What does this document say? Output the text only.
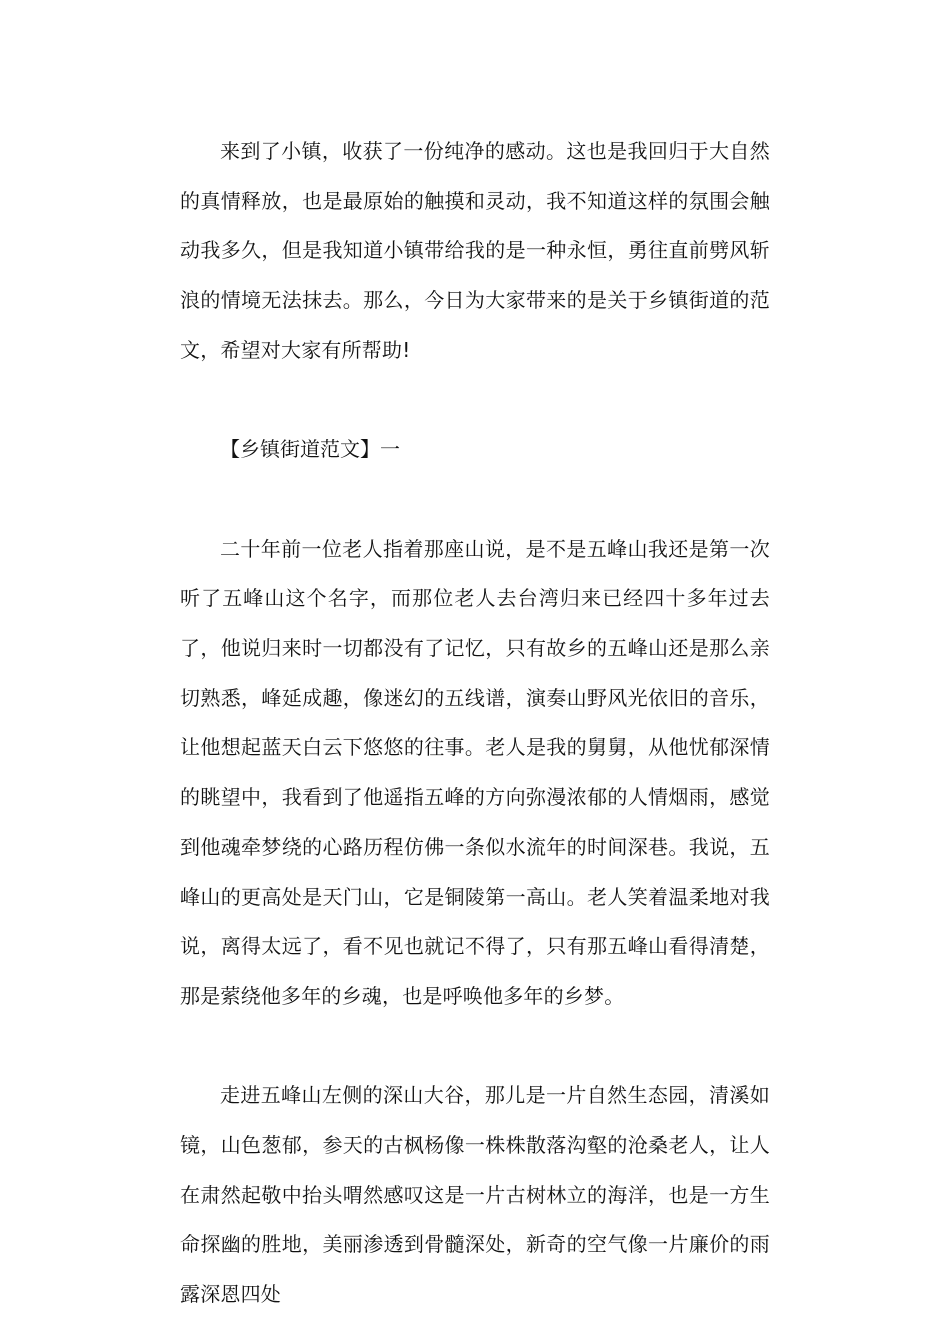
来到了小镇，收获了一份纯净的感动。这也是我回归于大自然的真情释放，也是最原始的触摸和灵动，我不知道这样的氛围会触动我多久，但是我知道小镇带给我的是一种永恒，勇往直前劈风斩浪的情境无法抹去。那么，今日为大家带来的是关于乡镇街道的范文，希望对大家有所帮助!

【乡镇街道范文】一

二十年前一位老人指着那座山说，是不是五峰山我还是第一次听了五峰山这个名字，而那位老人去台湾归来已经四十多年过去了，他说归来时一切都没有了记忆，只有故乡的五峰山还是那么亲切熟悉，峰延成趣，像迷幻的五线谱，演奏山野风光依旧的音乐，让他想起蓝天白云下悠悠的往事。老人是我的舅舅，从他忧郁深情的眺望中，我看到了他遥指五峰的方向弥漫浓郁的人情烟雨，感觉到他魂牵梦绕的心路历程仿佛一条似水流年的时间深巷。我说，五峰山的更高处是天门山，它是铜陵第一高山。老人笑着温柔地对我说，离得太远了，看不见也就记不得了，只有那五峰山看得清楚，那是萦绕他多年的乡魂，也是呼唤他多年的乡梦。

走进五峰山左侧的深山大谷，那儿是一片自然生态园，清溪如镜，山色葱郁，参天的古枫杨像一株株散落沟壑的沧桑老人，让人在肃然起敬中抬头喟然感叹这是一片古树林立的海洋，也是一方生命探幽的胜地，美丽渗透到骨髓深处，新奇的空气像一片廉价的雨露深恩四处
